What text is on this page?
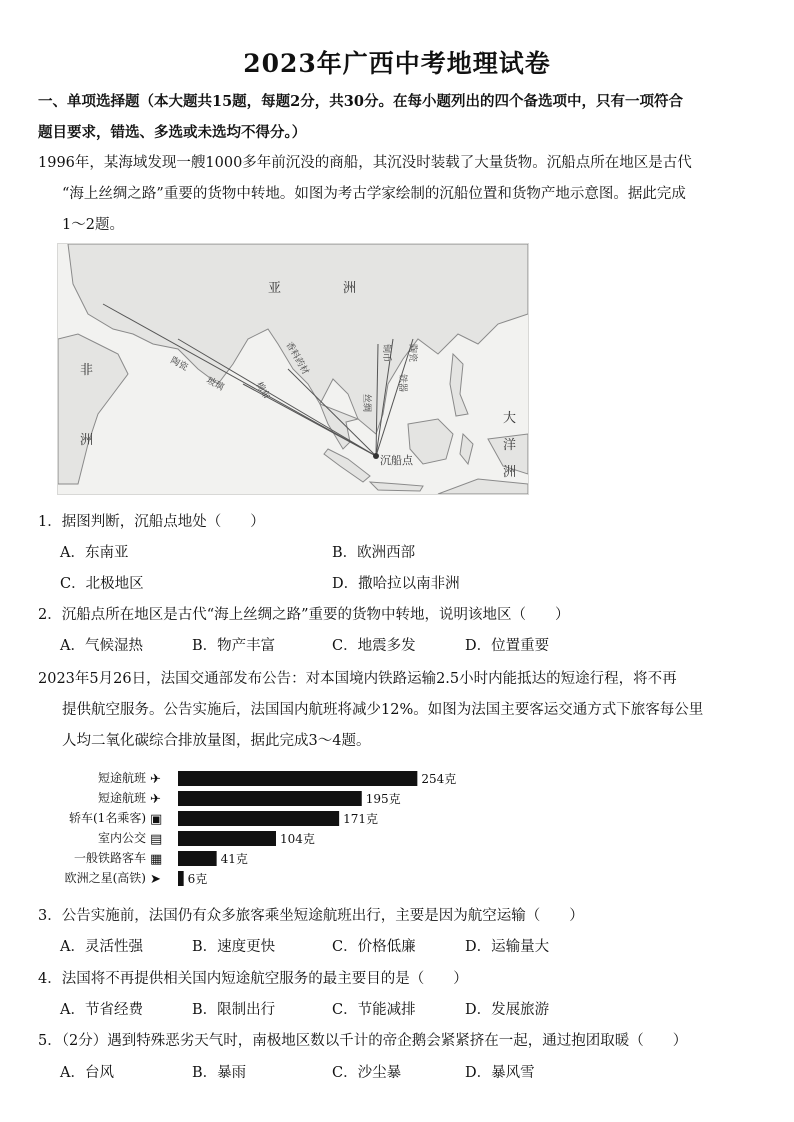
2023年广西中考地理试卷
一、单项选择题（本大题共15题，每题2分，共30分。在每小题列出的四个备选项中，只有一项符合
题目要求，错选、多选或未选均不得分。）
1996年，某海域发现一艘1000多年前沉没的商船，其沉没时装载了大量货物。沉船点所在地区是古代
“海上丝绸之路”重要的货物中转地。如图为考古学家绘制的沉船位置和货物产地示意图。据此完成
1～2题。
亚	洲
非
洲
大
洋
洲
沉船点
陶瓷
玻璃	棉布
香料药材
丝绸
铜币
铁器
陶瓷
1．据图判断，沉船点地处（　　）
A．东南亚	B．欧洲西部
C．北极地区	D．撒哈拉以南非洲
2．沉船点所在地区是古代“海上丝绸之路”重要的货物中转地，说明该地区（　　）
A．气候湿热	B．物产丰富	C．地震多发	D．位置重要
2023年5月26日，法国交通部发布公告：对本国境内铁路运输2.5小时内能抵达的短途行程，将不再
提供航空服务。公告实施后，法国国内航班将减少12%。如图为法国主要客运交通方式下旅客每公里
人均二氧化碳综合排放量图，据此完成3～4题。
短途航班 ✈	254克
短途航班 ✈	195克
轿车(1名乘客) ▣	171克
室内公交 ▤	104克
一般铁路客车 ▦	41克
欧洲之星(高铁) ➤ 6克
3．公告实施前，法国仍有众多旅客乘坐短途航班出行，主要是因为航空运输（　　）
A．灵活性强	B．速度更快	C．价格低廉	D．运输量大
4．法国将不再提供相关国内短途航空服务的最主要目的是（　　）
A．节省经费	B．限制出行	C．节能减排	D．发展旅游
5．（2分）遇到特殊恶劣天气时，南极地区数以千计的帝企鹅会紧紧挤在一起，通过抱团取暖（　　）
A．台风	B．暴雨	C．沙尘暴	D．暴风雪
